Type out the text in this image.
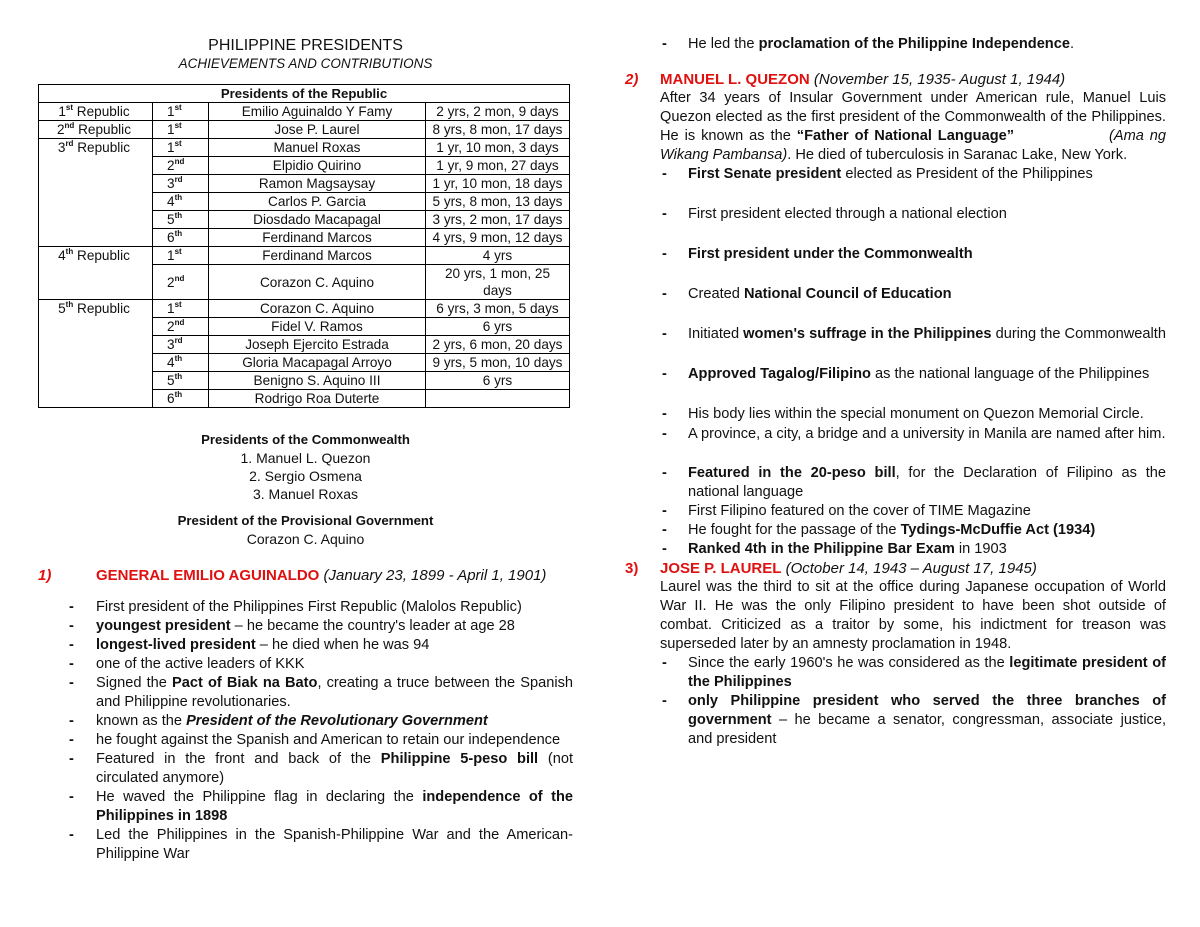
PHILIPPINE PRESIDENTS
ACHIEVEMENTS AND CONTRIBUTIONS
Presidents of the Republic			
1st Republic	1st	Emilio Aguinaldo Y Famy	2 yrs, 2 mon, 9 days
2nd Republic	1st	Jose P. Laurel	8 yrs, 8 mon, 17 days
3rd Republic	1st	Manuel Roxas	1 yr, 10 mon, 3 days
	2nd	Elpidio Quirino	1 yr, 9 mon, 27 days
	3rd	Ramon Magsaysay	1 yr, 10 mon, 18 days
	4th	Carlos P. Garcia	5 yrs, 8 mon, 13 days
	5th	Diosdado Macapagal	3 yrs, 2 mon, 17 days
	6th	Ferdinand Marcos	4 yrs, 9 mon, 12 days
4th Republic	1st	Ferdinand Marcos	4 yrs
	2nd	Corazon C. Aquino	20 yrs, 1 mon, 25 days
5th Republic	1st	Corazon C. Aquino	6 yrs, 3 mon, 5 days
	2nd	Fidel V. Ramos	6 yrs
	3rd	Joseph Ejercito Estrada	2 yrs, 6 mon, 20 days
	4th	Gloria Macapagal Arroyo	9 yrs, 5 mon, 10 days
	5th	Benigno S. Aquino III	6 yrs
	6th	Rodrigo Roa Duterte	
Presidents of the Commonwealth
1. Manuel L. Quezon
2. Sergio Osmena
3. Manuel Roxas
President of the Provisional Government
Corazon C. Aquino
1)	GENERAL EMILIO AGUINALDO (January 23, 1899 - April 1, 1901)
- First president of the Philippines First Republic (Malolos Republic)
- youngest president – he became the country's leader at age 28
- longest-lived president – he died when he was 94
- one of the active leaders of KKK
- Signed the Pact of Biak na Bato, creating a truce between the Spanish and Philippine revolutionaries.
- known as the President of the Revolutionary Government
- he fought against the Spanish and American to retain our independence
- Featured in the front and back of the Philippine 5-peso bill (not circulated anymore)
- He waved the Philippine flag in declaring the independence of the Philippines in 1898
- Led the Philippines in the Spanish-Philippine War and the American-Philippine War
- He led the proclamation of the Philippine Independence.
2)	MANUEL L. QUEZON (November 15, 1935- August 1, 1944)
After 34 years of Insular Government under American rule, Manuel Luis Quezon elected as the first president of the Commonwealth of the Philippines. He is known as the “Father of National Language”	(Ama ng Wikang Pambansa). He died of tuberculosis in Saranac Lake, New York.
- First Senate president elected as President of the Philippines
- First president elected through a national election
- First president under the Commonwealth
- Created National Council of Education
- Initiated women's suffrage in the Philippines during the Commonwealth
- Approved Tagalog/Filipino as the national language of the Philippines
- His body lies within the special monument on Quezon Memorial Circle.
- A province, a city, a bridge and a university in Manila are named after him.
- Featured in the 20-peso bill, for the Declaration of Filipino as the national language
- First Filipino featured on the cover of TIME Magazine
- He fought for the passage of the Tydings-McDuffie Act (1934)
- Ranked 4th in the Philippine Bar Exam in 1903
3)	JOSE P. LAUREL (October 14, 1943 – August 17, 1945)
Laurel was the third to sit at the office during Japanese occupation of World War II. He was the only Filipino president to have been shot outside of combat. Criticized as a traitor by some, his indictment for treason was superseded later by an amnesty proclamation in 1948.
- Since the early 1960's he was considered as the legitimate president of the Philippines
- only Philippine president who served the three branches of government – he became a senator, congressman, associate justice, and president
